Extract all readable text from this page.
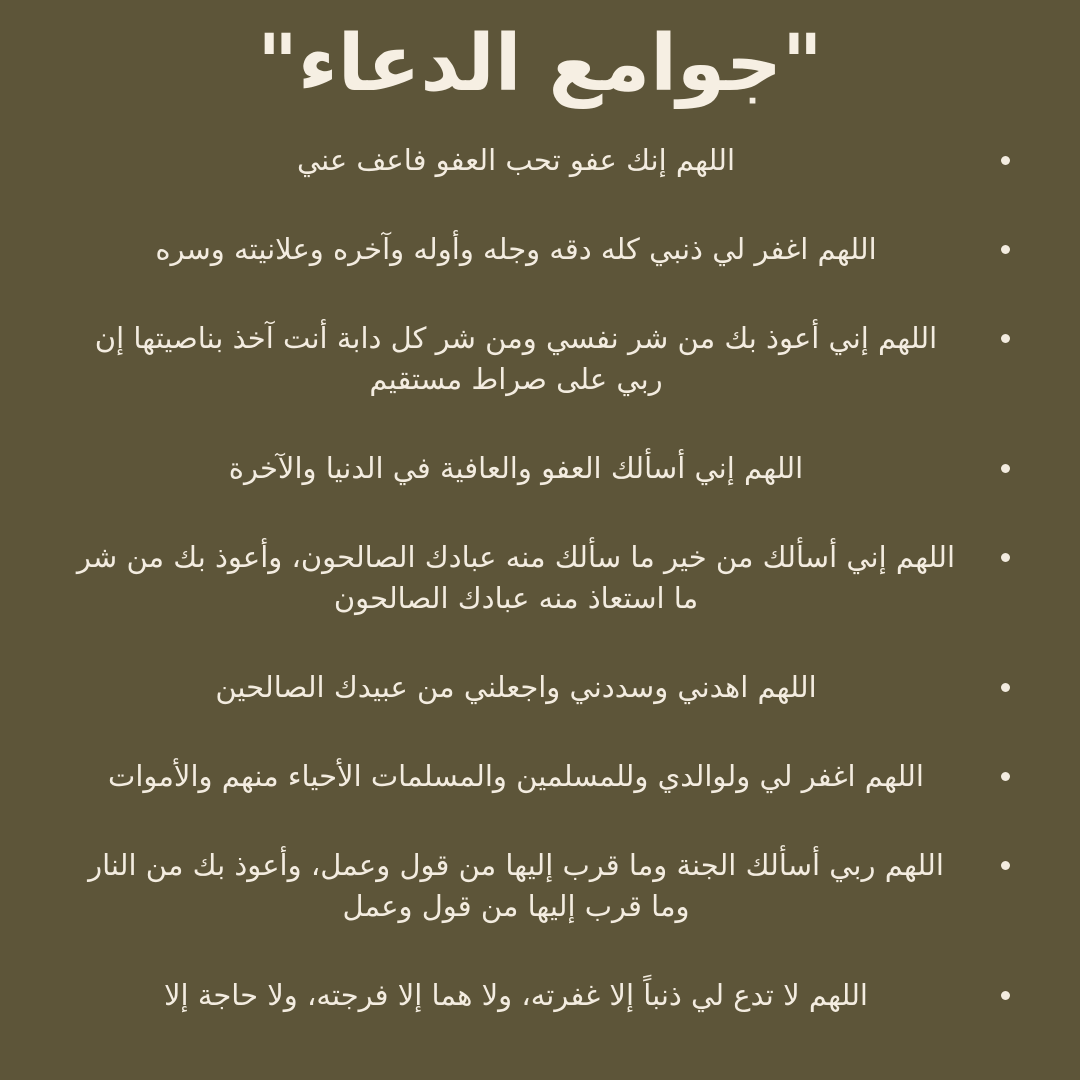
"جوامع الدعاء"
اللهم إنك عفو تحب العفو فاعف عني
اللهم اغفر لي ذنبي كله دقه وجله وأوله وآخره وعلانيته وسره
اللهم إني أعوذ بك من شر نفسي ومن شر كل دابة أنت آخذ بناصيتها إن ربي على صراط مستقيم
اللهم إني أسألك العفو والعافية في الدنيا والآخرة
اللهم إني أسألك من خير ما سألك منه عبادك الصالحون، وأعوذ بك من شر ما استعاذ منه عبادك الصالحون
اللهم اهدني وسددني واجعلني من عبيدك الصالحين
اللهم اغفر لي ولوالدي وللمسلمين والمسلمات الأحياء منهم والأموات
اللهم ربي أسألك الجنة وما قرب إليها من قول وعمل، وأعوذ بك من النار وما قرب إليها من قول وعمل
اللهم لا تدع لي ذنباً إلا غفرته، ولا هما إلا فرجته، ولا حاجة إلا
